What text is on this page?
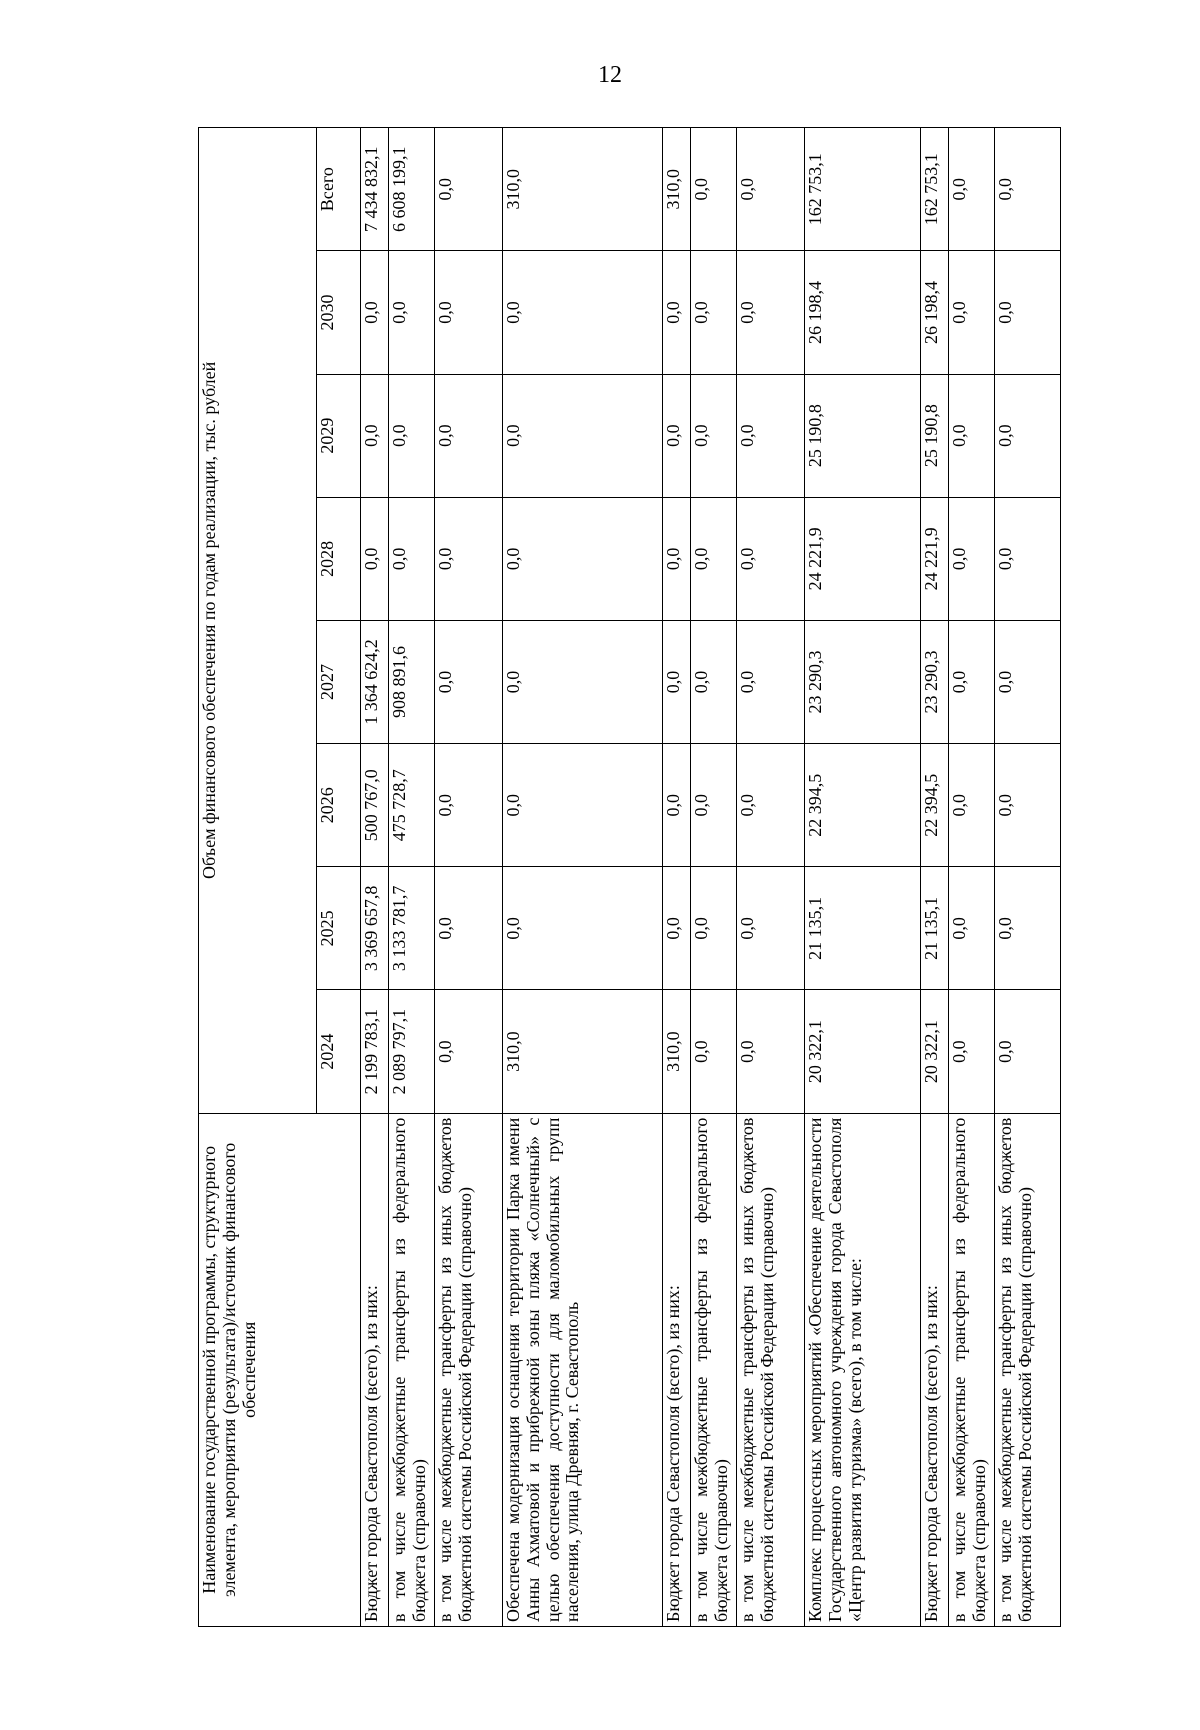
12
Наименование государственной программы, структурного элемента, мероприятия (результата)/источник финансового обеспечения	Объем финансового обеспечения по годам реализации, тыс. рублей							
	2024	2025	2026	2027	2028	2029	2030	Всего
Бюджет города Севастополя (всего), из них:	2 199 783,1	3 369 657,8	500 767,0	1 364 624,2	0,0	0,0	0,0	7 434 832,1
в том числе межбюджетные трансферты из федерального бюджета (справочно)	2 089 797,1	3 133 781,7	475 728,7	908 891,6	0,0	0,0	0,0	6 608 199,1
в том числе межбюджетные трансферты из иных бюджетов бюджетной системы Российской Федерации (справочно)	0,0	0,0	0,0	0,0	0,0	0,0	0,0	0,0
Обеспечена модернизация оснащения территории Парка имени Анны Ахматовой и прибрежной зоны пляжа «Солнечный» с целью обеспечения доступности для маломобильных групп населения, улица Древняя, г. Севастополь	310,0	0,0	0,0	0,0	0,0	0,0	0,0	310,0
Бюджет города Севастополя (всего), из них:	310,0	0,0	0,0	0,0	0,0	0,0	0,0	310,0
в том числе межбюджетные трансферты из федерального бюджета (справочно)	0,0	0,0	0,0	0,0	0,0	0,0	0,0	0,0
в том числе межбюджетные трансферты из иных бюджетов бюджетной системы Российской Федерации (справочно)	0,0	0,0	0,0	0,0	0,0	0,0	0,0	0,0
Комплекс процессных мероприятий «Обеспечение деятельности Государственного автономного учреждения города Севастополя «Центр развития туризма» (всего), в том числе:	20 322,1	21 135,1	22 394,5	23 290,3	24 221,9	25 190,8	26 198,4	162 753,1
Бюджет города Севастополя (всего), из них:	20 322,1	21 135,1	22 394,5	23 290,3	24 221,9	25 190,8	26 198,4	162 753,1
в том числе межбюджетные трансферты из федерального бюджета (справочно)	0,0	0,0	0,0	0,0	0,0	0,0	0,0	0,0
в том числе межбюджетные трансферты из иных бюджетов бюджетной системы Российской Федерации (справочно)	0,0	0,0	0,0	0,0	0,0	0,0	0,0	0,0
